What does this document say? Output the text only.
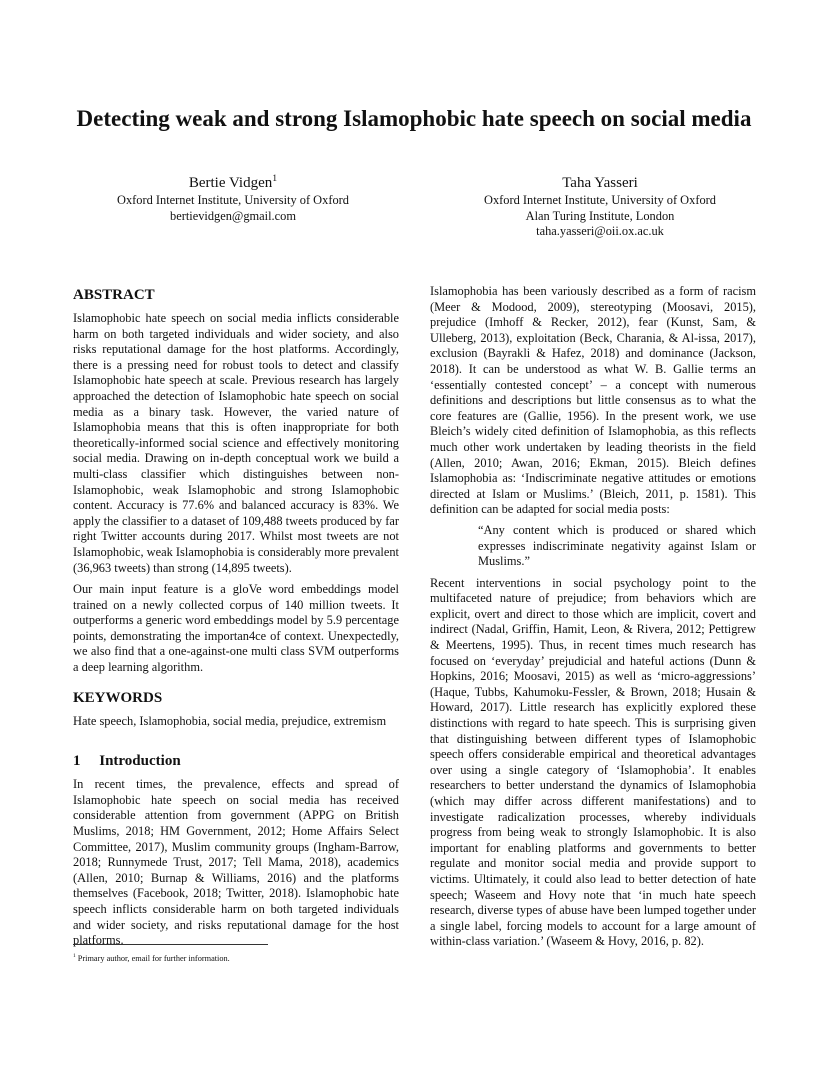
Detecting weak and strong Islamophobic hate speech on social media
Bertie Vidgen$^1$
Oxford Internet Institute, University of Oxford
bertievidgen@gmail.com
Taha Yasseri
Oxford Internet Institute, University of Oxford
Alan Turing Institute, London
taha.yasseri@oii.ox.ac.uk
ABSTRACT

Islamophobic hate speech on social media inflicts considerable harm on both targeted individuals and wider society, and also risks reputational damage for the host platforms. Accordingly, there is a pressing need for robust tools to detect and classify Islamophobic hate speech at scale. Previous research has largely approached the detection of Islamophobic hate speech on social media as a binary task. However, the varied nature of Islamophobia means that this is often inappropriate for both theoretically-informed social science and effectively monitoring social media. Drawing on in-depth conceptual work we build a multi-class classifier which distinguishes between non-Islamophobic, weak Islamophobic and strong Islamophobic content. Accuracy is 77.6% and balanced accuracy is 83%. We apply the classifier to a dataset of 109,488 tweets produced by far right Twitter accounts during 2017. Whilst most tweets are not Islamophobic, weak Islamophobia is considerably more prevalent (36,963 tweets) than strong (14,895 tweets).

Our main input feature is a gloVe word embeddings model trained on a newly collected corpus of 140 million tweets. It outperforms a generic word embeddings model by 5.9 percentage points, demonstrating the importan4ce of context. Unexpectedly, we also find that a one-against-one multi class SVM outperforms a deep learning algorithm.

KEYWORDS

Hate speech, Islamophobia, social media, prejudice, extremism

1  Introduction

In recent times, the prevalence, effects and spread of Islamophobic hate speech on social media has received considerable attention from government (APPG on British Muslims, 2018; HM Government, 2012; Home Affairs Select Committee, 2017), Muslim community groups (Ingham-Barrow, 2018; Runnymede Trust, 2017; Tell Mama, 2018), academics (Allen, 2010; Burnap & Williams, 2016) and the platforms themselves (Facebook, 2018; Twitter, 2018). Islamophobic hate speech inflicts considerable harm on both targeted individuals and wider society, and risks reputational damage for the host platforms.

Islamophobia has been variously described as a form of racism (Meer & Modood, 2009), stereotyping (Moosavi, 2015), prejudice (Imhoff & Recker, 2012), fear (Kunst, Sam, & Ulleberg, 2013), exploitation (Beck, Charania, & Al-issa, 2017), exclusion (Bayrakli & Hafez, 2018) and dominance (Jackson, 2018). It can be understood as what W. B. Gallie terms an ‘essentially contested concept’ – a concept with numerous definitions and descriptions but little consensus as to what the core features are (Gallie, 1956). In the present work, we use Bleich’s widely cited definition of Islamophobia, as this reflects much other work undertaken by leading theorists in the field (Allen, 2010; Awan, 2016; Ekman, 2015). Bleich defines Islamophobia as: ‘Indiscriminate negative attitudes or emotions directed at Islam or Muslims.’ (Bleich, 2011, p. 1581). This definition can be adapted for social media posts:

“Any content which is produced or shared which expresses indiscriminate negativity against Islam or Muslims.”

Recent interventions in social psychology point to the multifaceted nature of prejudice; from behaviors which are explicit, overt and direct to those which are implicit, covert and indirect (Nadal, Griffin, Hamit, Leon, & Rivera, 2012; Pettigrew & Meertens, 1995). Thus, in recent times much research has focused on ‘everyday’ prejudicial and hateful actions (Dunn & Hopkins, 2016; Moosavi, 2015) as well as ‘micro-aggressions’ (Haque, Tubbs, Kahumoku-Fessler, & Brown, 2018; Husain & Howard, 2017). Little research has explicitly explored these distinctions with regard to hate speech. This is surprising given that distinguishing between different types of Islamophobic speech offers considerable empirical and theoretical advantages over using a single category of ‘Islamophobia’. It enables researchers to better understand the dynamics of Islamophobia (which may differ across different manifestations) and to investigate radicalization processes, whereby individuals progress from being weak to strongly Islamophobic. It is also important for enabling platforms and governments to better regulate and monitor social media and provide support to victims. Ultimately, it could also lead to better detection of hate speech; Waseem and Hovy note that ‘in much hate speech research, diverse types of abuse have been lumped together under a single label, forcing models to account for a large amount of within-class variation.’ (Waseem & Hovy, 2016, p. 82).

$^1$ Primary author, email for further information.
